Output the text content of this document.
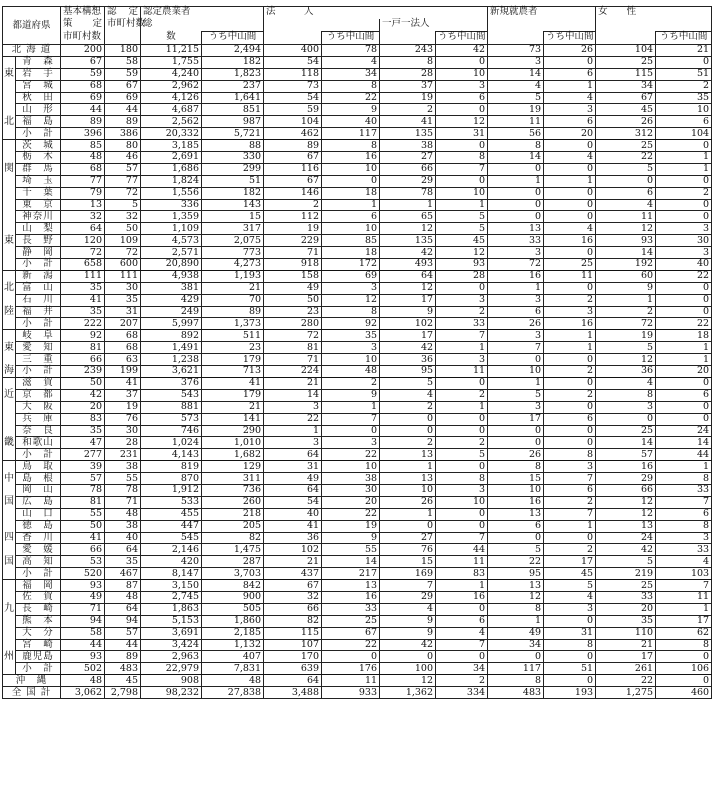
都道府県		基本構想	認 定	認定農業者		法　　　人				新規就農者		女　　性	
		策 定	市町村数	総				一戸一法人					
		市町村数		数	うち中山間		うち中山間		うち中山間		うち中山間		うち中山間
北 海 道		200	180	11,215	2,494	400	78	243	42	73	26	104	21
	青　森	67	58	1,755	182	54	4	8	0	3	0	25	0
東	岩　手	59	59	4,240	1,823	118	34	28	10	14	6	115	51
	宮　城	68	67	2,962	237	73	8	37	3	4	1	34	2
	秋　田	69	69	4,126	1,641	54	22	19	6	5	4	67	35
	山　形	44	44	4,687	851	59	9	2	0	19	3	45	10
北	福　島	89	89	2,562	987	104	40	41	12	11	6	26	6
	小　計	396	386	20,332	5,721	462	117	135	31	56	20	312	104
	茨　城	85	80	3,185	88	89	8	38	0	8	0	25	0
	栃　木	48	46	2,691	330	67	16	27	8	14	4	22	1
関	群　馬	68	57	1,686	299	116	10	66	7	0	0	5	1
	埼　玉	77	77	1,824	51	67	0	29	0	1	1	0	0
	千　葉	79	72	1,556	182	146	18	78	10	0	0	6	2
	東　京	13	5	336	143	2	1	1	1	0	0	4	0
	神奈川	32	32	1,359	15	112	6	65	5	0	0	11	0
	山　梨	64	50	1,109	317	19	10	12	5	13	4	12	3
東	長　野	120	109	4,573	2,075	229	85	135	45	33	16	93	30
	静　岡	72	72	2,571	773	71	18	42	12	3	0	14	3
	小　計	658	600	20,890	4,273	918	172	493	93	72	25	192	40
	新　潟	111	111	4,938	1,193	158	69	64	28	16	11	60	22
北	富　山	35	30	381	21	49	3	12	0	1	0	9	0
	石　川	41	35	429	70	50	12	17	3	3	2	1	0
陸	福　井	35	31	249	89	23	8	9	2	6	3	2	0
	小　計	222	207	5,997	1,373	280	92	102	33	26	16	72	22
	岐　阜	92	68	892	511	72	35	17	7	3	1	19	18
東	愛　知	81	68	1,491	23	81	3	42	1	7	1	5	1
	三　重	66	63	1,238	179	71	10	36	3	0	0	12	1
海	小　計	239	199	3,621	713	224	48	95	11	10	2	36	20
	滋　賀	50	41	376	41	21	2	5	0	1	0	4	0
近	京　都	42	37	543	179	14	9	4	2	5	2	8	6
	大　阪	20	19	881	21	3	1	2	1	3	0	3	0
	兵　庫	83	76	573	141	22	7	0	0	17	6	0	0
	奈　良	35	30	746	290	1	0	0	0	0	0	25	24
畿	和歌山	47	28	1,024	1,010	3	3	2	2	0	0	14	14
	小　計	277	231	4,143	1,682	64	22	13	5	26	8	57	44
	鳥　取	39	38	819	129	31	10	1	0	8	3	16	1
中	島　根	57	55	870	311	49	38	13	8	15	7	29	8
	岡　山	78	78	1,912	736	64	30	10	3	10	6	66	33
国	広　島	81	71	533	260	54	20	26	10	16	2	12	7
	山　口	55	48	455	218	40	22	1	0	13	7	12	6
	徳　島	50	38	447	205	41	19	0	0	6	1	13	8
四	香　川	41	40	545	82	36	9	27	7	0	0	24	3
	愛　媛	66	64	2,146	1,475	102	55	76	44	5	2	42	33
国	高　知	53	35	420	287	21	14	15	11	22	17	5	4
	小　計	520	467	8,147	3,703	437	217	169	83	95	45	219	103
	福　岡	93	87	3,150	842	67	13	7	1	13	5	25	7
	佐　賀	49	48	2,745	900	32	16	29	16	12	4	33	11
九	長　崎	71	64	1,863	505	66	33	4	0	8	3	20	1
	熊　本	94	94	5,153	1,860	82	25	9	6	1	0	35	17
	大　分	58	57	3,691	2,185	115	67	9	4	49	31	110	62
	宮　崎	44	44	3,424	1,132	107	22	42	7	34	8	21	8
州	鹿児島	93	89	2,963	407	170	0	0	0	0	0	17	0
	小　計	502	483	22,979	7,831	639	176	100	34	117	51	261	106
沖　縄		48	45	908	48	64	11	12	2	8	0	22	0
全 国 計		3,062	2,798	98,232	27,838	3,488	933	1,362	334	483	193	1,275	460
